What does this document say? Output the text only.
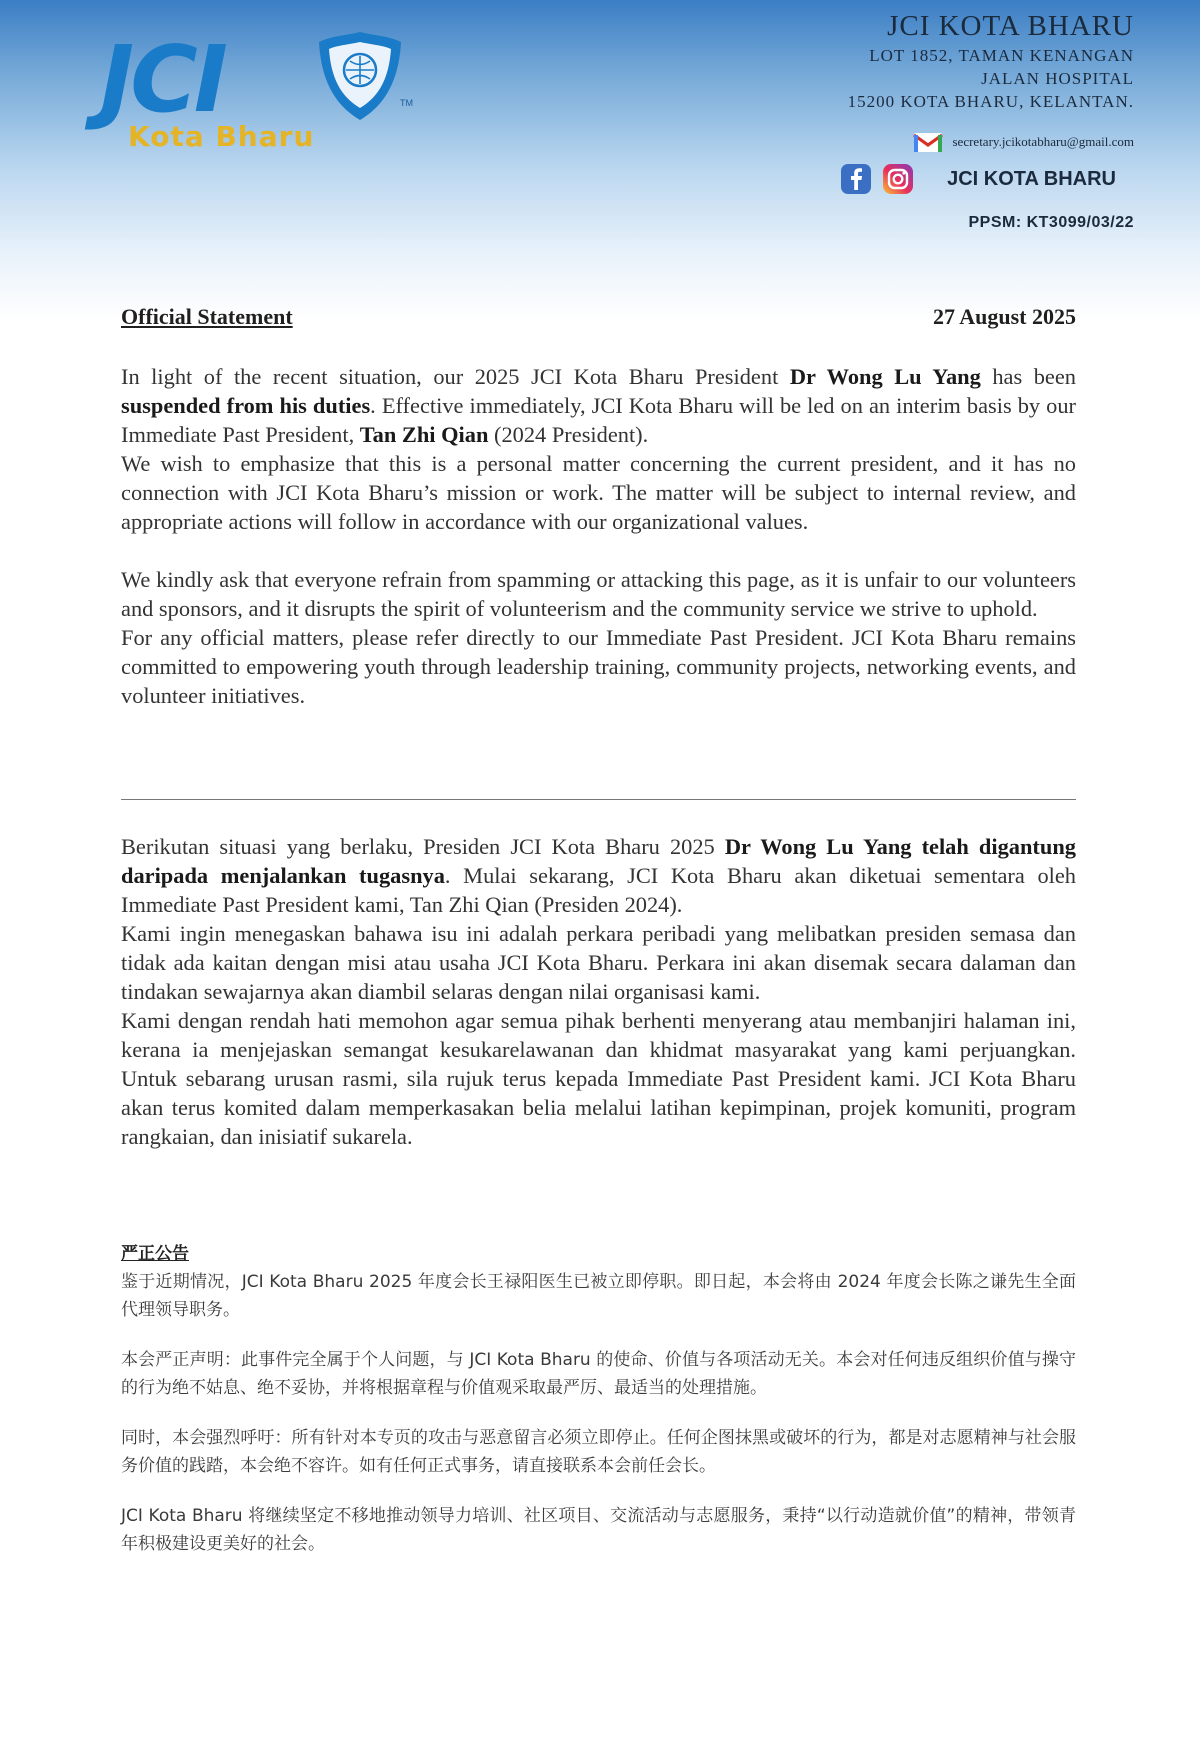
JCI	TM
Kota Bharu
JCI KOTA BHARU
LOT 1852, TAMAN KENANGAN
JALAN HOSPITAL
15200 KOTA BHARU, KELANTAN.
secretary.jcikotabharu@gmail.com
JCI KOTA BHARU
PPSM: KT3099/03/22
Official Statement	27 August 2025

In light of the recent situation, our 2025 JCI Kota Bharu President Dr Wong Lu Yang has been suspended from his duties. Effective immediately, JCI Kota Bharu will be led on an interim basis by our Immediate Past President, Tan Zhi Qian (2024 President).

We wish to emphasize that this is a personal matter concerning the current president, and it has no connection with JCI Kota Bharu’s mission or work. The matter will be subject to internal review, and appropriate actions will follow in accordance with our organizational values.

We kindly ask that everyone refrain from spamming or attacking this page, as it is unfair to our volunteers and sponsors, and it disrupts the spirit of volunteerism and the community service we strive to uphold.

For any official matters, please refer directly to our Immediate Past President. JCI Kota Bharu remains committed to empowering youth through leadership training, community projects, networking events, and volunteer initiatives.

Berikutan situasi yang berlaku, Presiden JCI Kota Bharu 2025 Dr Wong Lu Yang telah digantung daripada menjalankan tugasnya. Mulai sekarang, JCI Kota Bharu akan diketuai sementara oleh Immediate Past President kami, Tan Zhi Qian (Presiden 2024).

Kami ingin menegaskan bahawa isu ini adalah perkara peribadi yang melibatkan presiden semasa dan tidak ada kaitan dengan misi atau usaha JCI Kota Bharu. Perkara ini akan disemak secara dalaman dan tindakan sewajarnya akan diambil selaras dengan nilai organisasi kami.

Kami dengan rendah hati memohon agar semua pihak berhenti menyerang atau membanjiri halaman ini, kerana ia menjejaskan semangat kesukarelawanan dan khidmat masyarakat yang kami perjuangkan. Untuk sebarang urusan rasmi, sila rujuk terus kepada Immediate Past President kami. JCI Kota Bharu akan terus komited dalam memperkasakan belia melalui latihan kepimpinan, projek komuniti, program rangkaian, dan inisiatif sukarela.

严正公告

鉴于近期情况，JCI Kota Bharu 2025 年度会长王禄阳医生已被立即停职。即日起，本会将由 2024 年度会长陈之谦先生全面代理领导职务。

本会严正声明：此事件完全属于个人问题，与 JCI Kota Bharu 的使命、价值与各项活动无关。本会对任何违反组织价值与操守的行为绝不姑息、绝不妥协，并将根据章程与价值观采取最严厉、最适当的处理措施。

同时，本会强烈呼吁：所有针对本专页的攻击与恶意留言必须立即停止。任何企图抹黑或破坏的行为，都是对志愿精神与社会服务价值的践踏，本会绝不容许。如有任何正式事务，请直接联系本会前任会长。

JCI Kota Bharu 将继续坚定不移地推动领导力培训、社区项目、交流活动与志愿服务，秉持“以行动造就价值”的精神，带领青年积极建设更美好的社会。
